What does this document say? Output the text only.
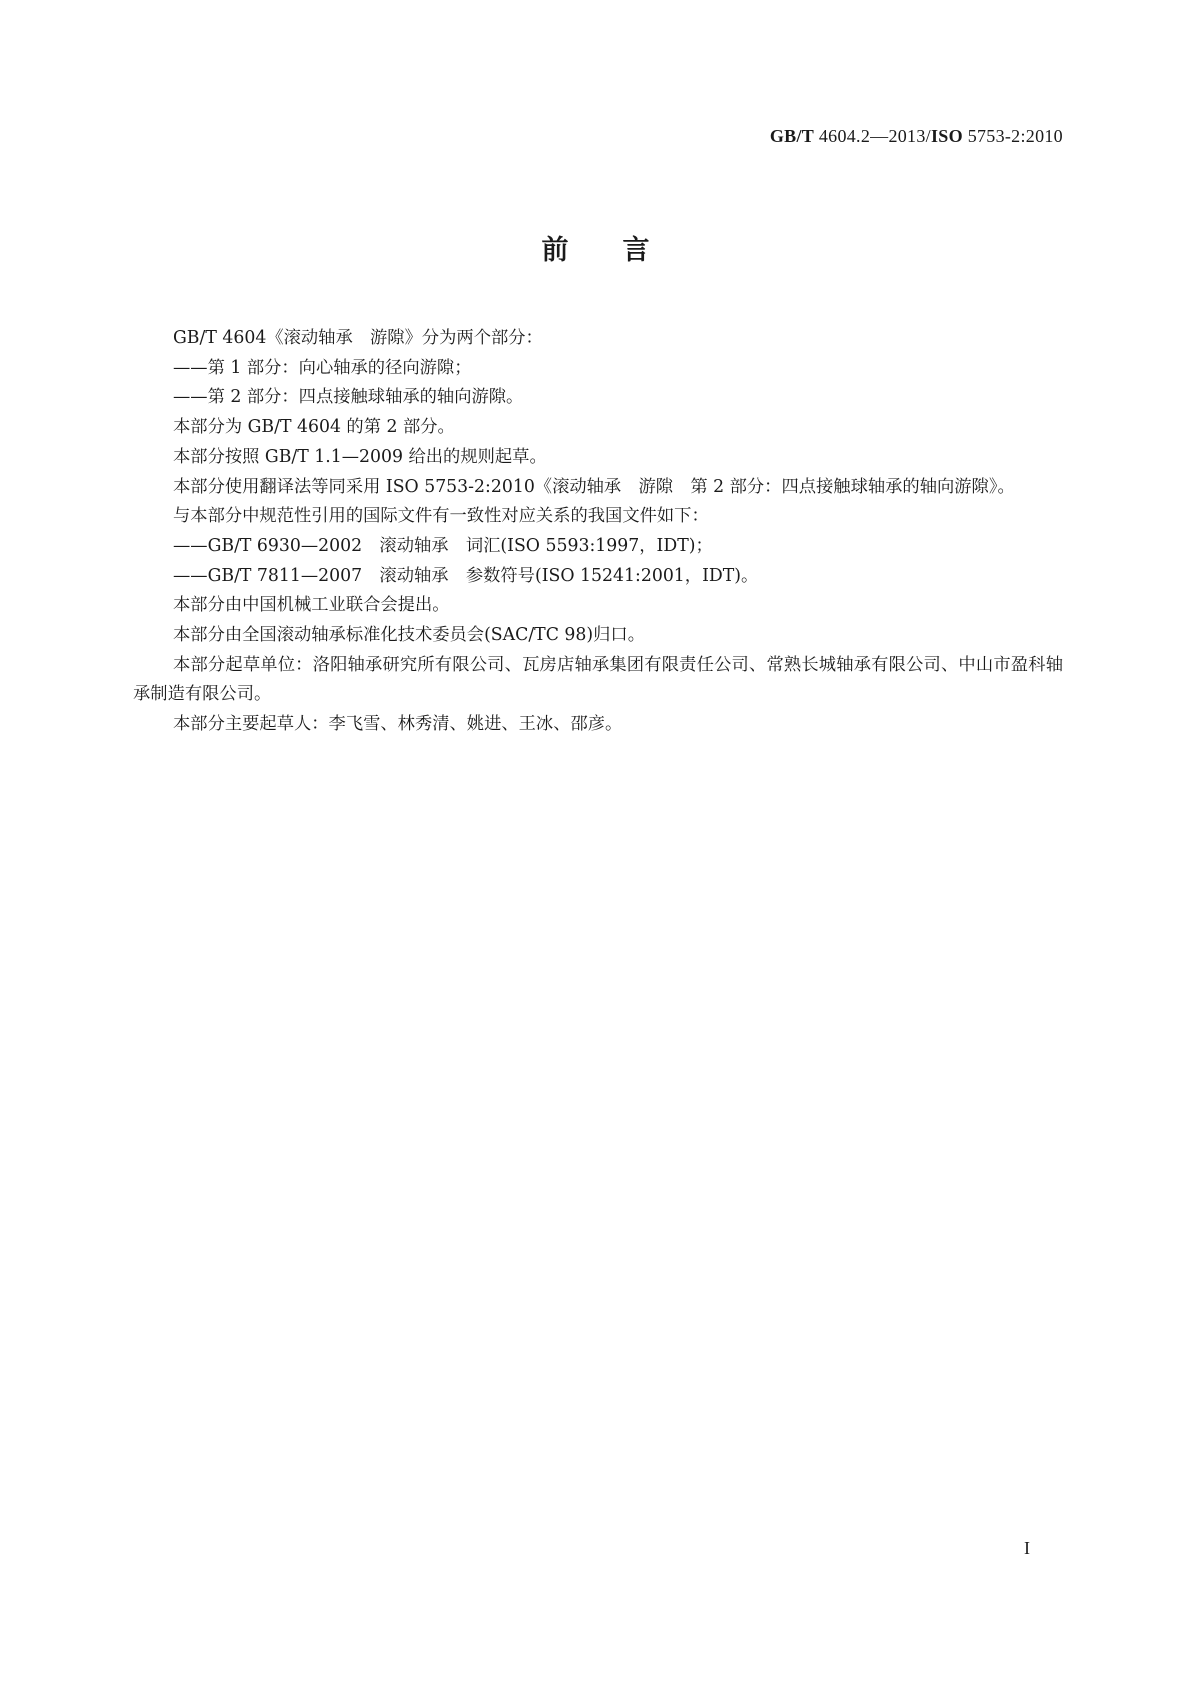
GB/T 4604.2—2013/ISO 5753-2:2010
前 言

GB/T 4604《滚动轴承　游隙》分为两个部分：

——第 1 部分：向心轴承的径向游隙；

——第 2 部分：四点接触球轴承的轴向游隙。

本部分为 GB/T 4604 的第 2 部分。

本部分按照 GB/T 1.1—2009 给出的规则起草。

本部分使用翻译法等同采用 ISO 5753-2:2010《滚动轴承　游隙　第 2 部分：四点接触球轴承的轴向游隙》。

与本部分中规范性引用的国际文件有一致性对应关系的我国文件如下：

——GB/T 6930—2002　滚动轴承　词汇(ISO 5593:1997，IDT)；

——GB/T 7811—2007　滚动轴承　参数符号(ISO 15241:2001，IDT)。

本部分由中国机械工业联合会提出。

本部分由全国滚动轴承标准化技术委员会(SAC/TC 98)归口。

本部分起草单位：洛阳轴承研究所有限公司、瓦房店轴承集团有限责任公司、常熟长城轴承有限公司、中山市盈科轴承制造有限公司。

本部分主要起草人：李飞雪、林秀清、姚进、王冰、邵彦。

I
